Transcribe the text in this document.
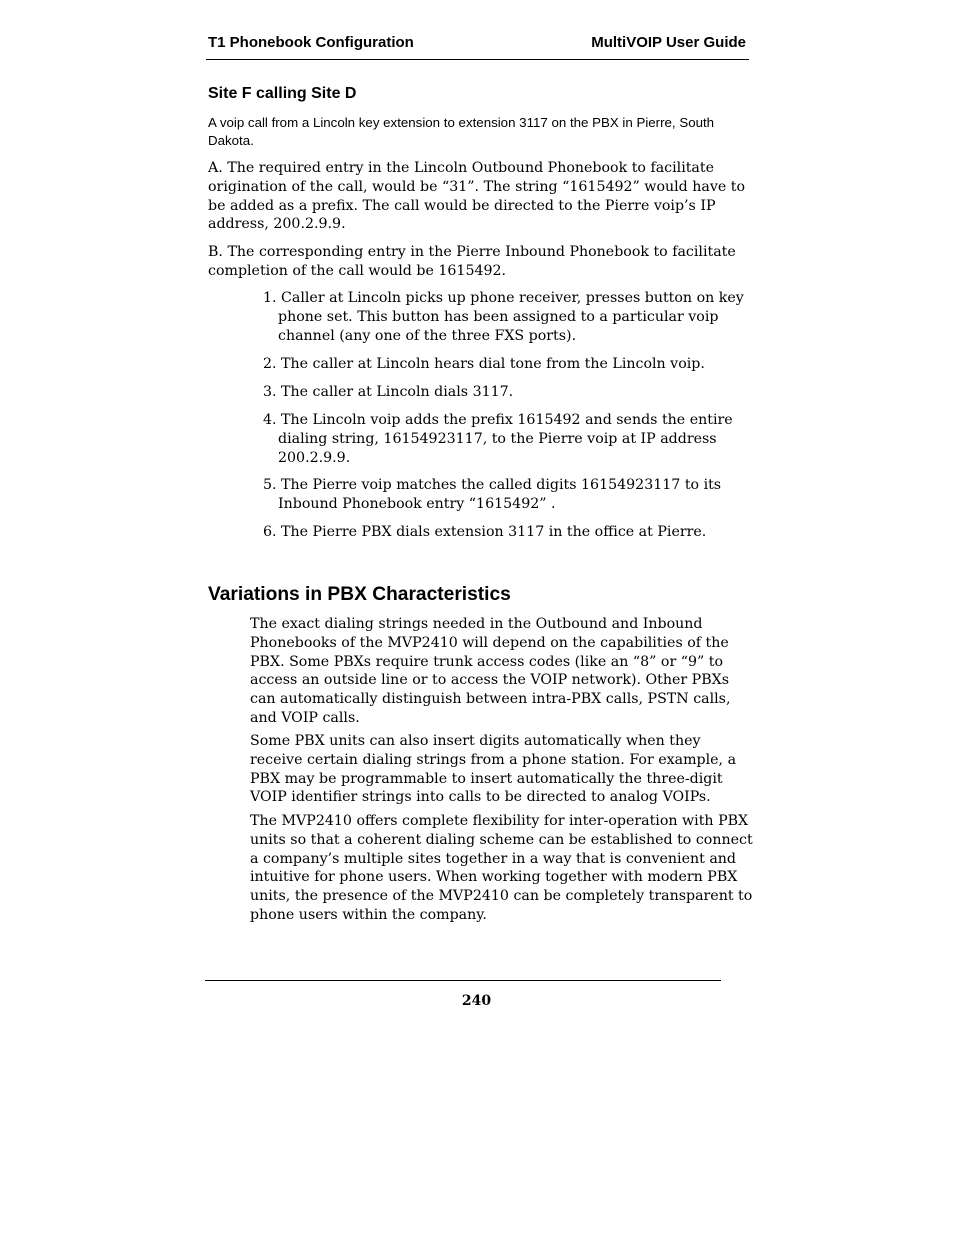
T1 Phonebook Configuration	MultiVOIP User Guide
Site F calling Site D

A voip call from a Lincoln key extension to extension 3117 on the PBX in Pierre, South Dakota.

A. The required entry in the Lincoln Outbound Phonebook to facilitate origination of the call, would be “31”. The string “1615492” would have to be added as a prefix. The call would be directed to the Pierre voip’s IP address, 200.2.9.9.

B. The corresponding entry in the Pierre Inbound Phonebook to facilitate completion of the call would be 1615492.

1. Caller at Lincoln picks up phone receiver, presses button on key phone set. This button has been assigned to a particular voip channel (any one of the three FXS ports).

2. The caller at Lincoln hears dial tone from the Lincoln voip.

3. The caller at Lincoln dials 3117.

4. The Lincoln voip adds the prefix 1615492 and sends the entire dialing string, 16154923117, to the Pierre voip at IP address 200.2.9.9.

5. The Pierre voip matches the called digits 16154923117 to its Inbound Phonebook entry “1615492” .

6. The Pierre PBX dials extension 3117 in the office at Pierre.

Variations in PBX Characteristics

The exact dialing strings needed in the Outbound and Inbound Phonebooks of the MVP2410 will depend on the capabilities of the PBX. Some PBXs require trunk access codes (like an “8” or “9” to access an outside line or to access the VOIP network). Other PBXs can automatically distinguish between intra-PBX calls, PSTN calls, and VOIP calls.

Some PBX units can also insert digits automatically when they receive certain dialing strings from a phone station. For example, a PBX may be programmable to insert automatically the three-digit VOIP identifier strings into calls to be directed to analog VOIPs.

The MVP2410 offers complete flexibility for inter-operation with PBX units so that a coherent dialing scheme can be established to connect a company’s multiple sites together in a way that is convenient and intuitive for phone users. When working together with modern PBX units, the presence of the MVP2410 can be completely transparent to phone users within the company.

240
